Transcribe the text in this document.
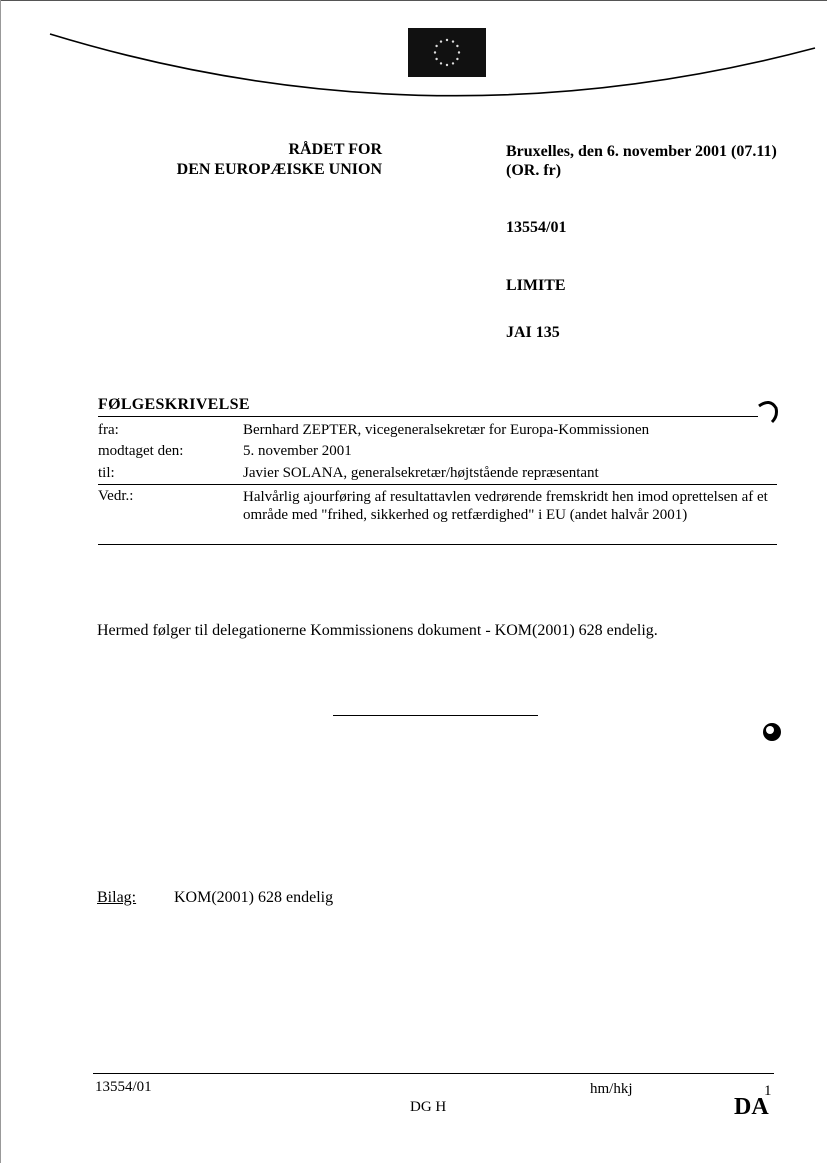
RÅDET FOR
DEN EUROPÆISKE UNION
Bruxelles, den 6. november 2001 (07.11)
(OR. fr)
13554/01
LIMITE
JAI 135
FØLGESKRIVELSE
fra:	Bernhard ZEPTER, vicegeneralsekretær for Europa-Kommissionen
modtaget den:	5. november 2001
til:	Javier SOLANA, generalsekretær/højtstående repræsentant
Vedr.:	Halvårlig ajourføring af resultattavlen vedrørende fremskridt hen imod oprettelsen af et område med "frihed, sikkerhed og retfærdighed" i EU (andet halvår 2001)
Hermed følger til delegationerne Kommissionens dokument - KOM(2001) 628 endelig.
Bilag: KOM(2001) 628 endelig
13554/01	hm/hkj	1
DG H	DA
